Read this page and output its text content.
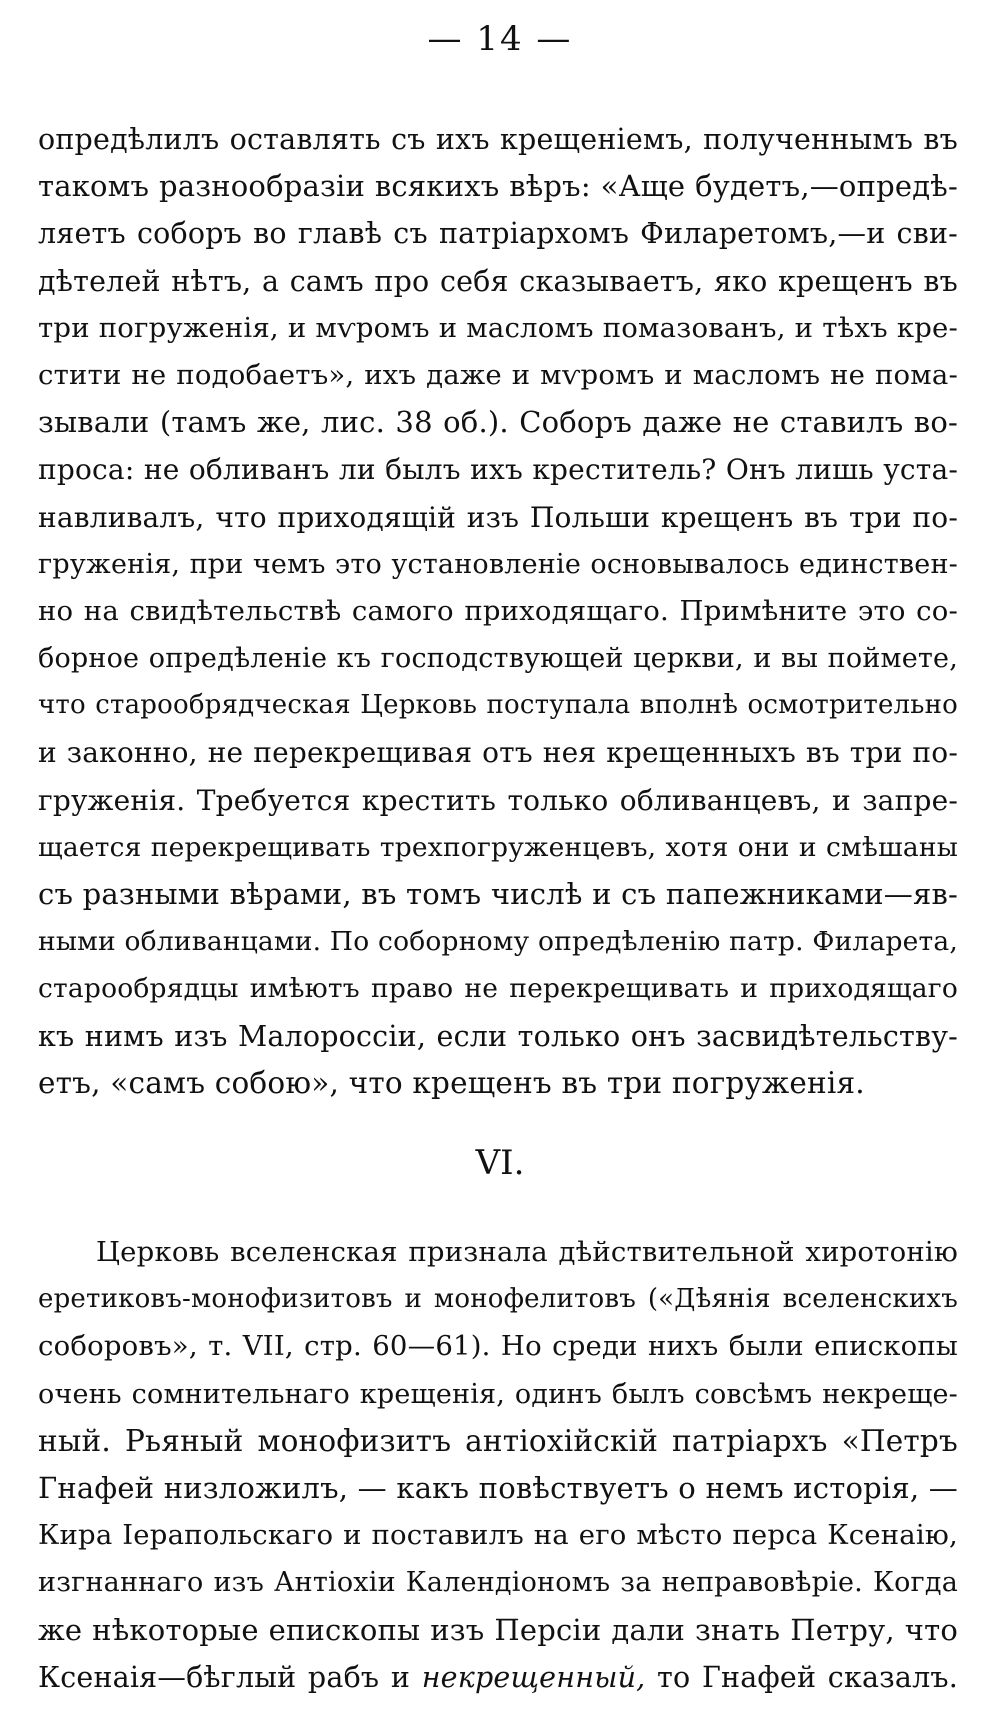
— 14 —
опредѣлилъ оставлять съ ихъ крещеніемъ, полученнымъ въ
такомъ разнообразіи всякихъ вѣръ: «Аще будетъ,—опредѣ-
ляетъ соборъ во главѣ съ патріархомъ Филаретомъ,—и сви-
дѣтелей нѣтъ, а самъ про себя сказываетъ, яко крещенъ въ
три погруженія, и мѵромъ и масломъ помазованъ, и тѣхъ кре-
стити не подобаетъ», ихъ даже и мѵромъ и масломъ не пома-
зывали (тамъ же, лис. 38 об.). Соборъ даже не ставилъ во-
проса: не обливанъ ли былъ ихъ креститель? Онъ лишь уста-
навливалъ, что приходящій изъ Польши крещенъ въ три по-
груженія, при чемъ это установленіе основывалось единствен-
но на свидѣтельствѣ самого приходящаго. Примѣните это со-
борное опредѣленіе къ господствующей церкви, и вы поймете,
что старообрядческая Церковь поступала вполнѣ осмотрительно
и законно, не перекрещивая отъ нея крещенныхъ въ три по-
груженія. Требуется крестить только обливанцевъ, и запре-
щается перекрещивать трехпогруженцевъ, хотя они и смѣшаны
съ разными вѣрами, въ томъ числѣ и съ папежниками—яв-
ными обливанцами. По соборному опредѣленію патр. Филарета,
старообрядцы имѣютъ право не перекрещивать и приходящаго
къ нимъ изъ Малороссіи, если только онъ засвидѣтельству-
етъ, «самъ собою», что крещенъ въ три погруженія.
VI.
Церковь вселенская признала дѣйствительной хиротонію
еретиковъ-монофизитовъ и монофелитовъ («Дѣянія вселенскихъ
соборовъ», т. VII, стр. 60—61). Но среди нихъ были епископы
очень сомнительнаго крещенія, одинъ былъ совсѣмъ некреще-
ный. Рьяный монофизитъ антіохійскій патріархъ «Петръ
Гнафей низложилъ, — какъ повѣствуетъ о немъ исторія, —
Кира Іерапольскаго и поставилъ на его мѣсто перса Ксенаію,
изгнаннаго изъ Антіохіи Календіономъ за неправовѣріе. Когда
же нѣкоторые епископы изъ Персіи дали знать Петру, что
Ксенаія—бѣглый рабъ и некрещенный, то Гнафей сказалъ.
